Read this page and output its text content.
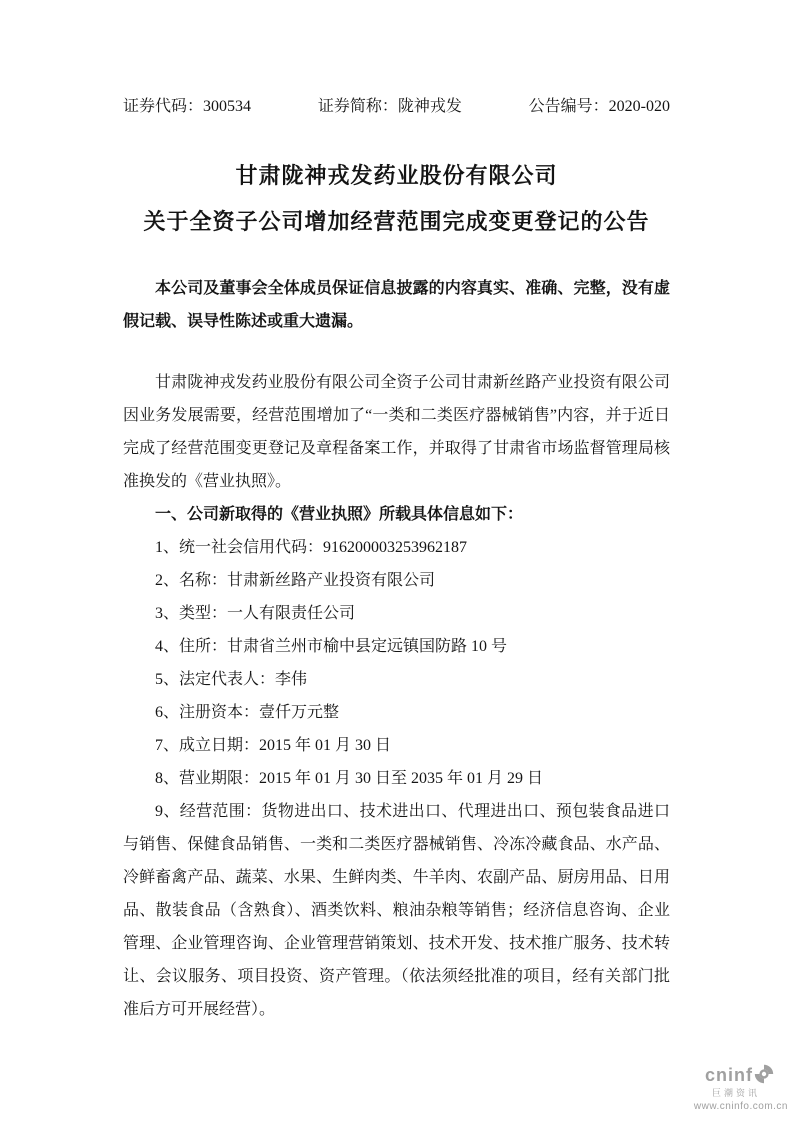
证券代码：300534	证券简称：陇神戎发	公告编号：2020-020
甘肃陇神戎发药业股份有限公司
关于全资子公司增加经营范围完成变更登记的公告

本公司及董事会全体成员保证信息披露的内容真实、准确、完整，没有虚假记载、误导性陈述或重大遗漏。

甘肃陇神戎发药业股份有限公司全资子公司甘肃新丝路产业投资有限公司因业务发展需要，经营范围增加了“一类和二类医疗器械销售”内容，并于近日完成了经营范围变更登记及章程备案工作，并取得了甘肃省市场监督管理局核准换发的《营业执照》。

一、公司新取得的《营业执照》所载具体信息如下：

1、统一社会信用代码：916200003253962187

2、名称：甘肃新丝路产业投资有限公司

3、类型：一人有限责任公司

4、住所：甘肃省兰州市榆中县定远镇国防路 10 号

5、法定代表人：李伟

6、注册资本：壹仟万元整

7、成立日期：2015 年 01 月 30 日

8、营业期限：2015 年 01 月 30 日至 2035 年 01 月 29 日

9、经营范围：货物进出口、技术进出口、代理进出口、预包装食品进口与销售、保健食品销售、一类和二类医疗器械销售、冷冻冷藏食品、水产品、冷鲜畜禽产品、蔬菜、水果、生鲜肉类、牛羊肉、农副产品、厨房用品、日用品、散装食品（含熟食）、酒类饮料、粮油杂粮等销售；经济信息咨询、企业管理、企业管理咨询、企业管理营销策划、技术开发、技术推广服务、技术转让、会议服务、项目投资、资产管理。（依法须经批准的项目，经有关部门批准后方可开展经营）。

cninf
巨潮资讯
www.cninfo.com.cn
